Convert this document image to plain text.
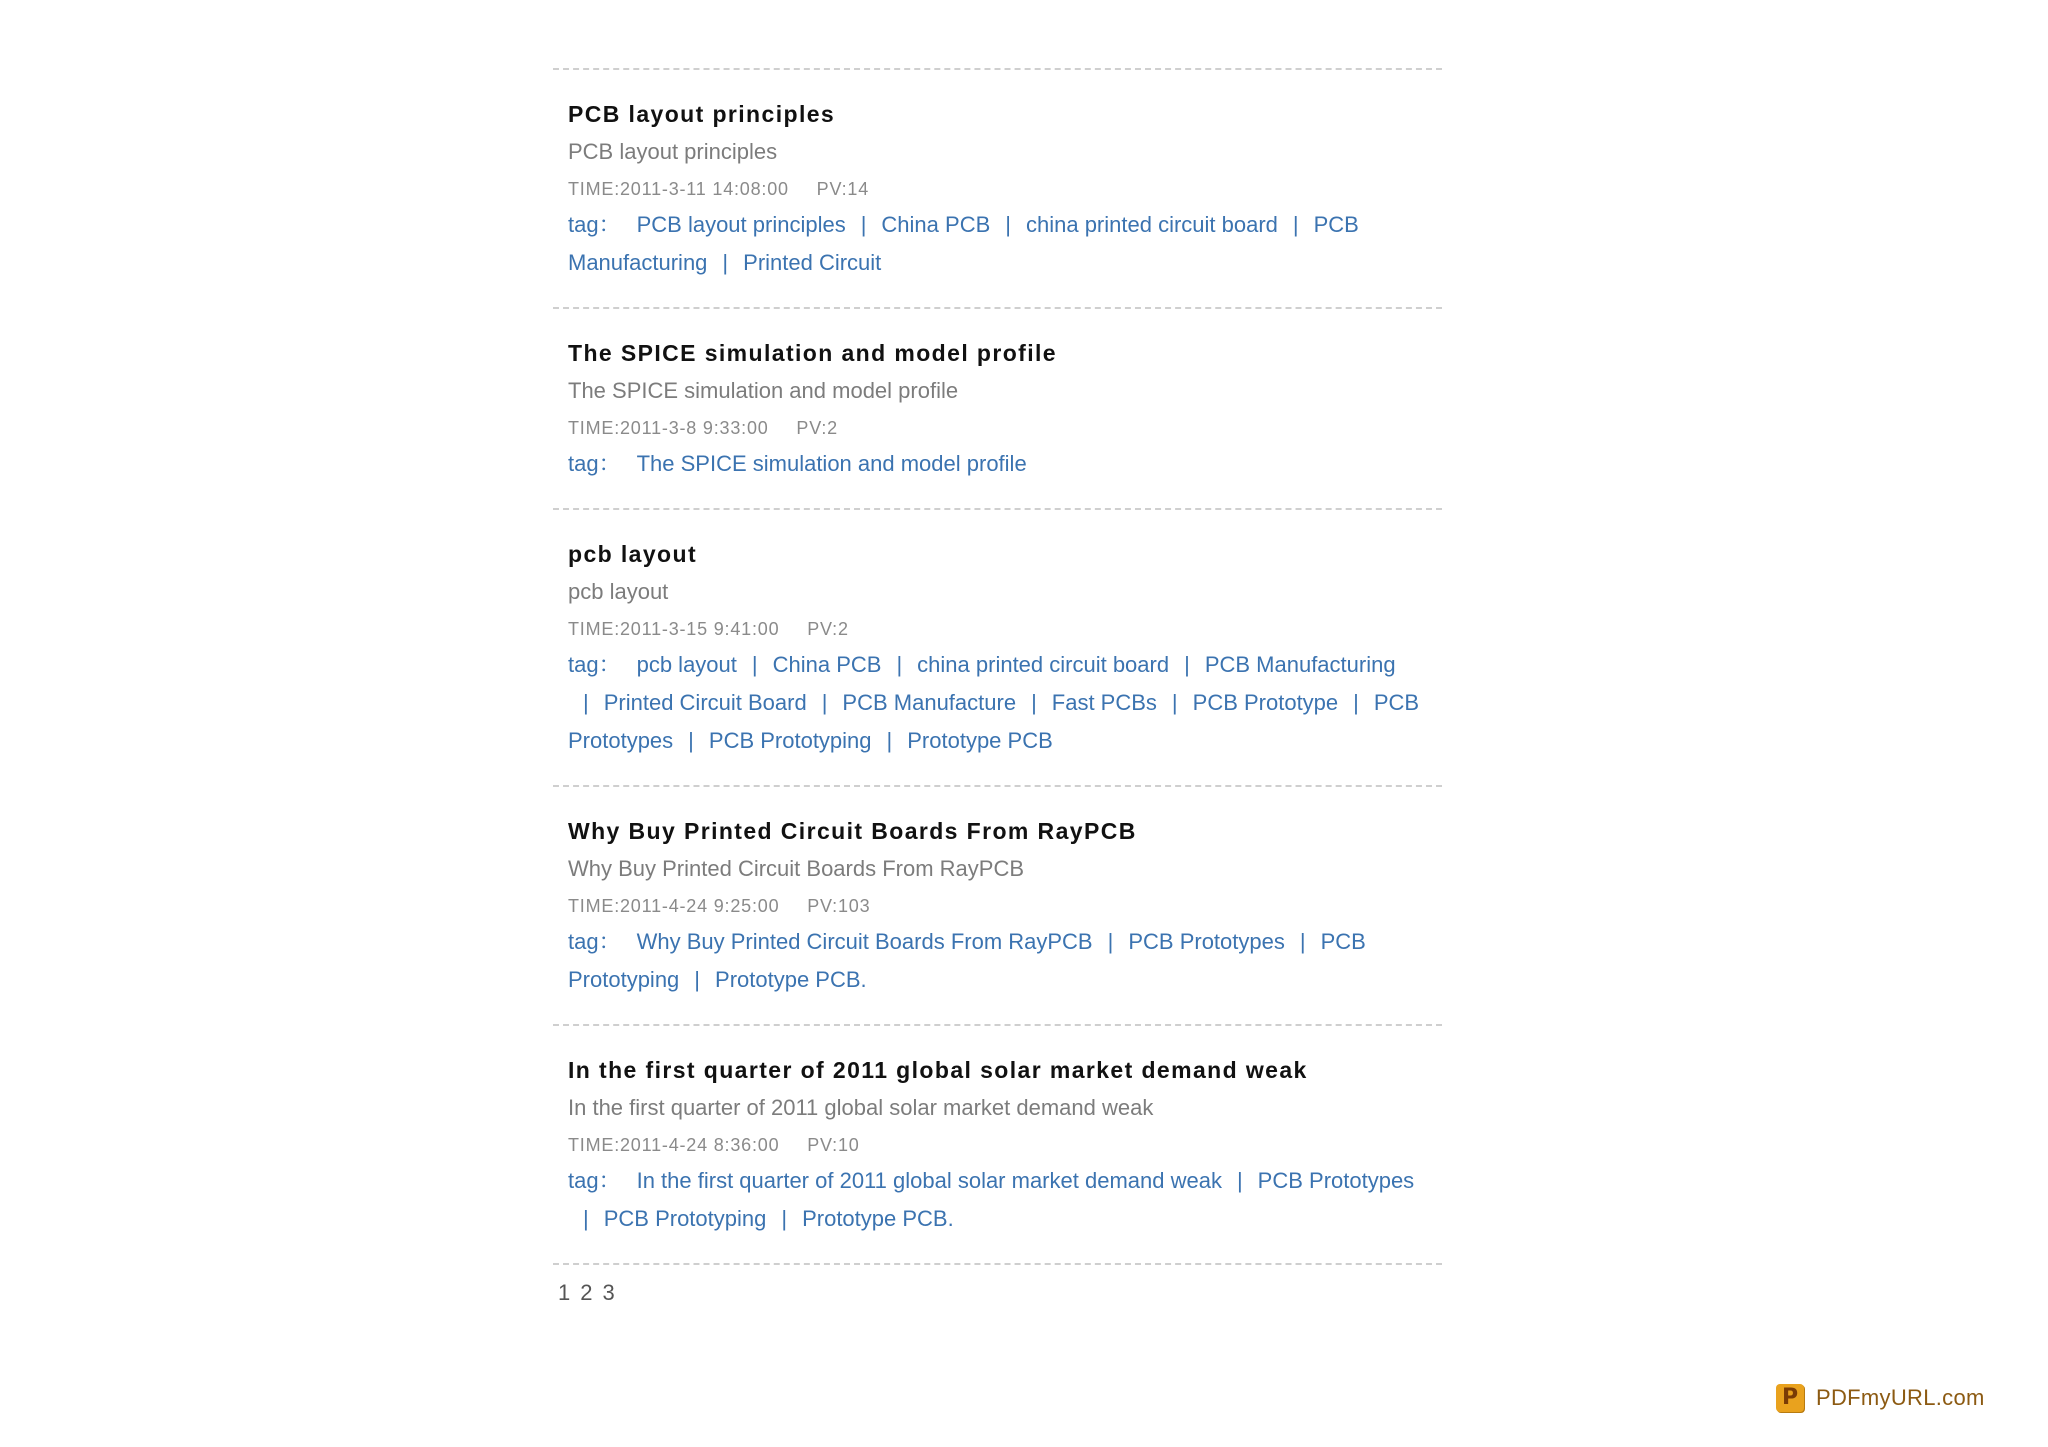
PCB layout principles
PCB layout principles
TIME:2011-3-11 14:08:00 PV:14
tag： PCB layout principles | China PCB | china printed circuit board | PCB Manufacturing | Printed Circuit
The SPICE simulation and model profile
The SPICE simulation and model profile
TIME:2011-3-8 9:33:00 PV:2
tag： The SPICE simulation and model profile
pcb layout
pcb layout
TIME:2011-3-15 9:41:00 PV:2
tag： pcb layout | China PCB | china printed circuit board | PCB Manufacturing| Printed Circuit Board | PCB Manufacture | Fast PCBs | PCB Prototype | PCB Prototypes | PCB Prototyping | Prototype PCB
Why Buy Printed Circuit Boards From RayPCB
Why Buy Printed Circuit Boards From RayPCB
TIME:2011-4-24 9:25:00 PV:103
tag： Why Buy Printed Circuit Boards From RayPCB | PCB Prototypes | PCB Prototyping | Prototype PCB.
In the first quarter of 2011 global solar market demand weak
In the first quarter of 2011 global solar market demand weak
TIME:2011-4-24 8:36:00 PV:10
tag： In the first quarter of 2011 global solar market demand weak | PCB Prototypes| PCB Prototyping | Prototype PCB.
1 2 3
P
PDFmyURL.com
